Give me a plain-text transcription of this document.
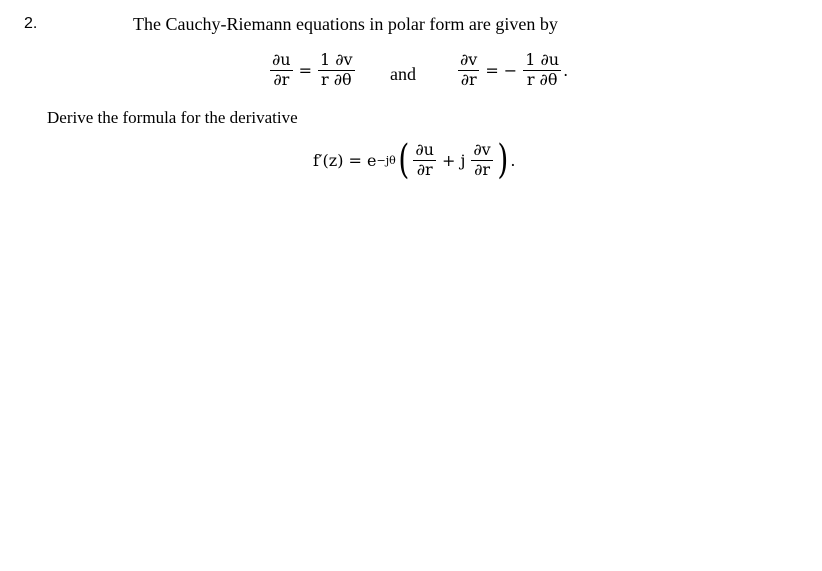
2.	The Cauchy-Riemann equations in polar form are given by
$\frac{\partial u}{\partial r} = \frac{1 \partial v}{r \partial\theta}$ and	$\frac{\partial v}{\partial r}$ = − $\frac{1 \partial u}{r \partial\theta}$ .
Derive the formula for the derivative
f′(z) = e −jθ ( $\frac{\partial u}{\partial r} + j \frac{\partial v}{\partial r}$ ) .
